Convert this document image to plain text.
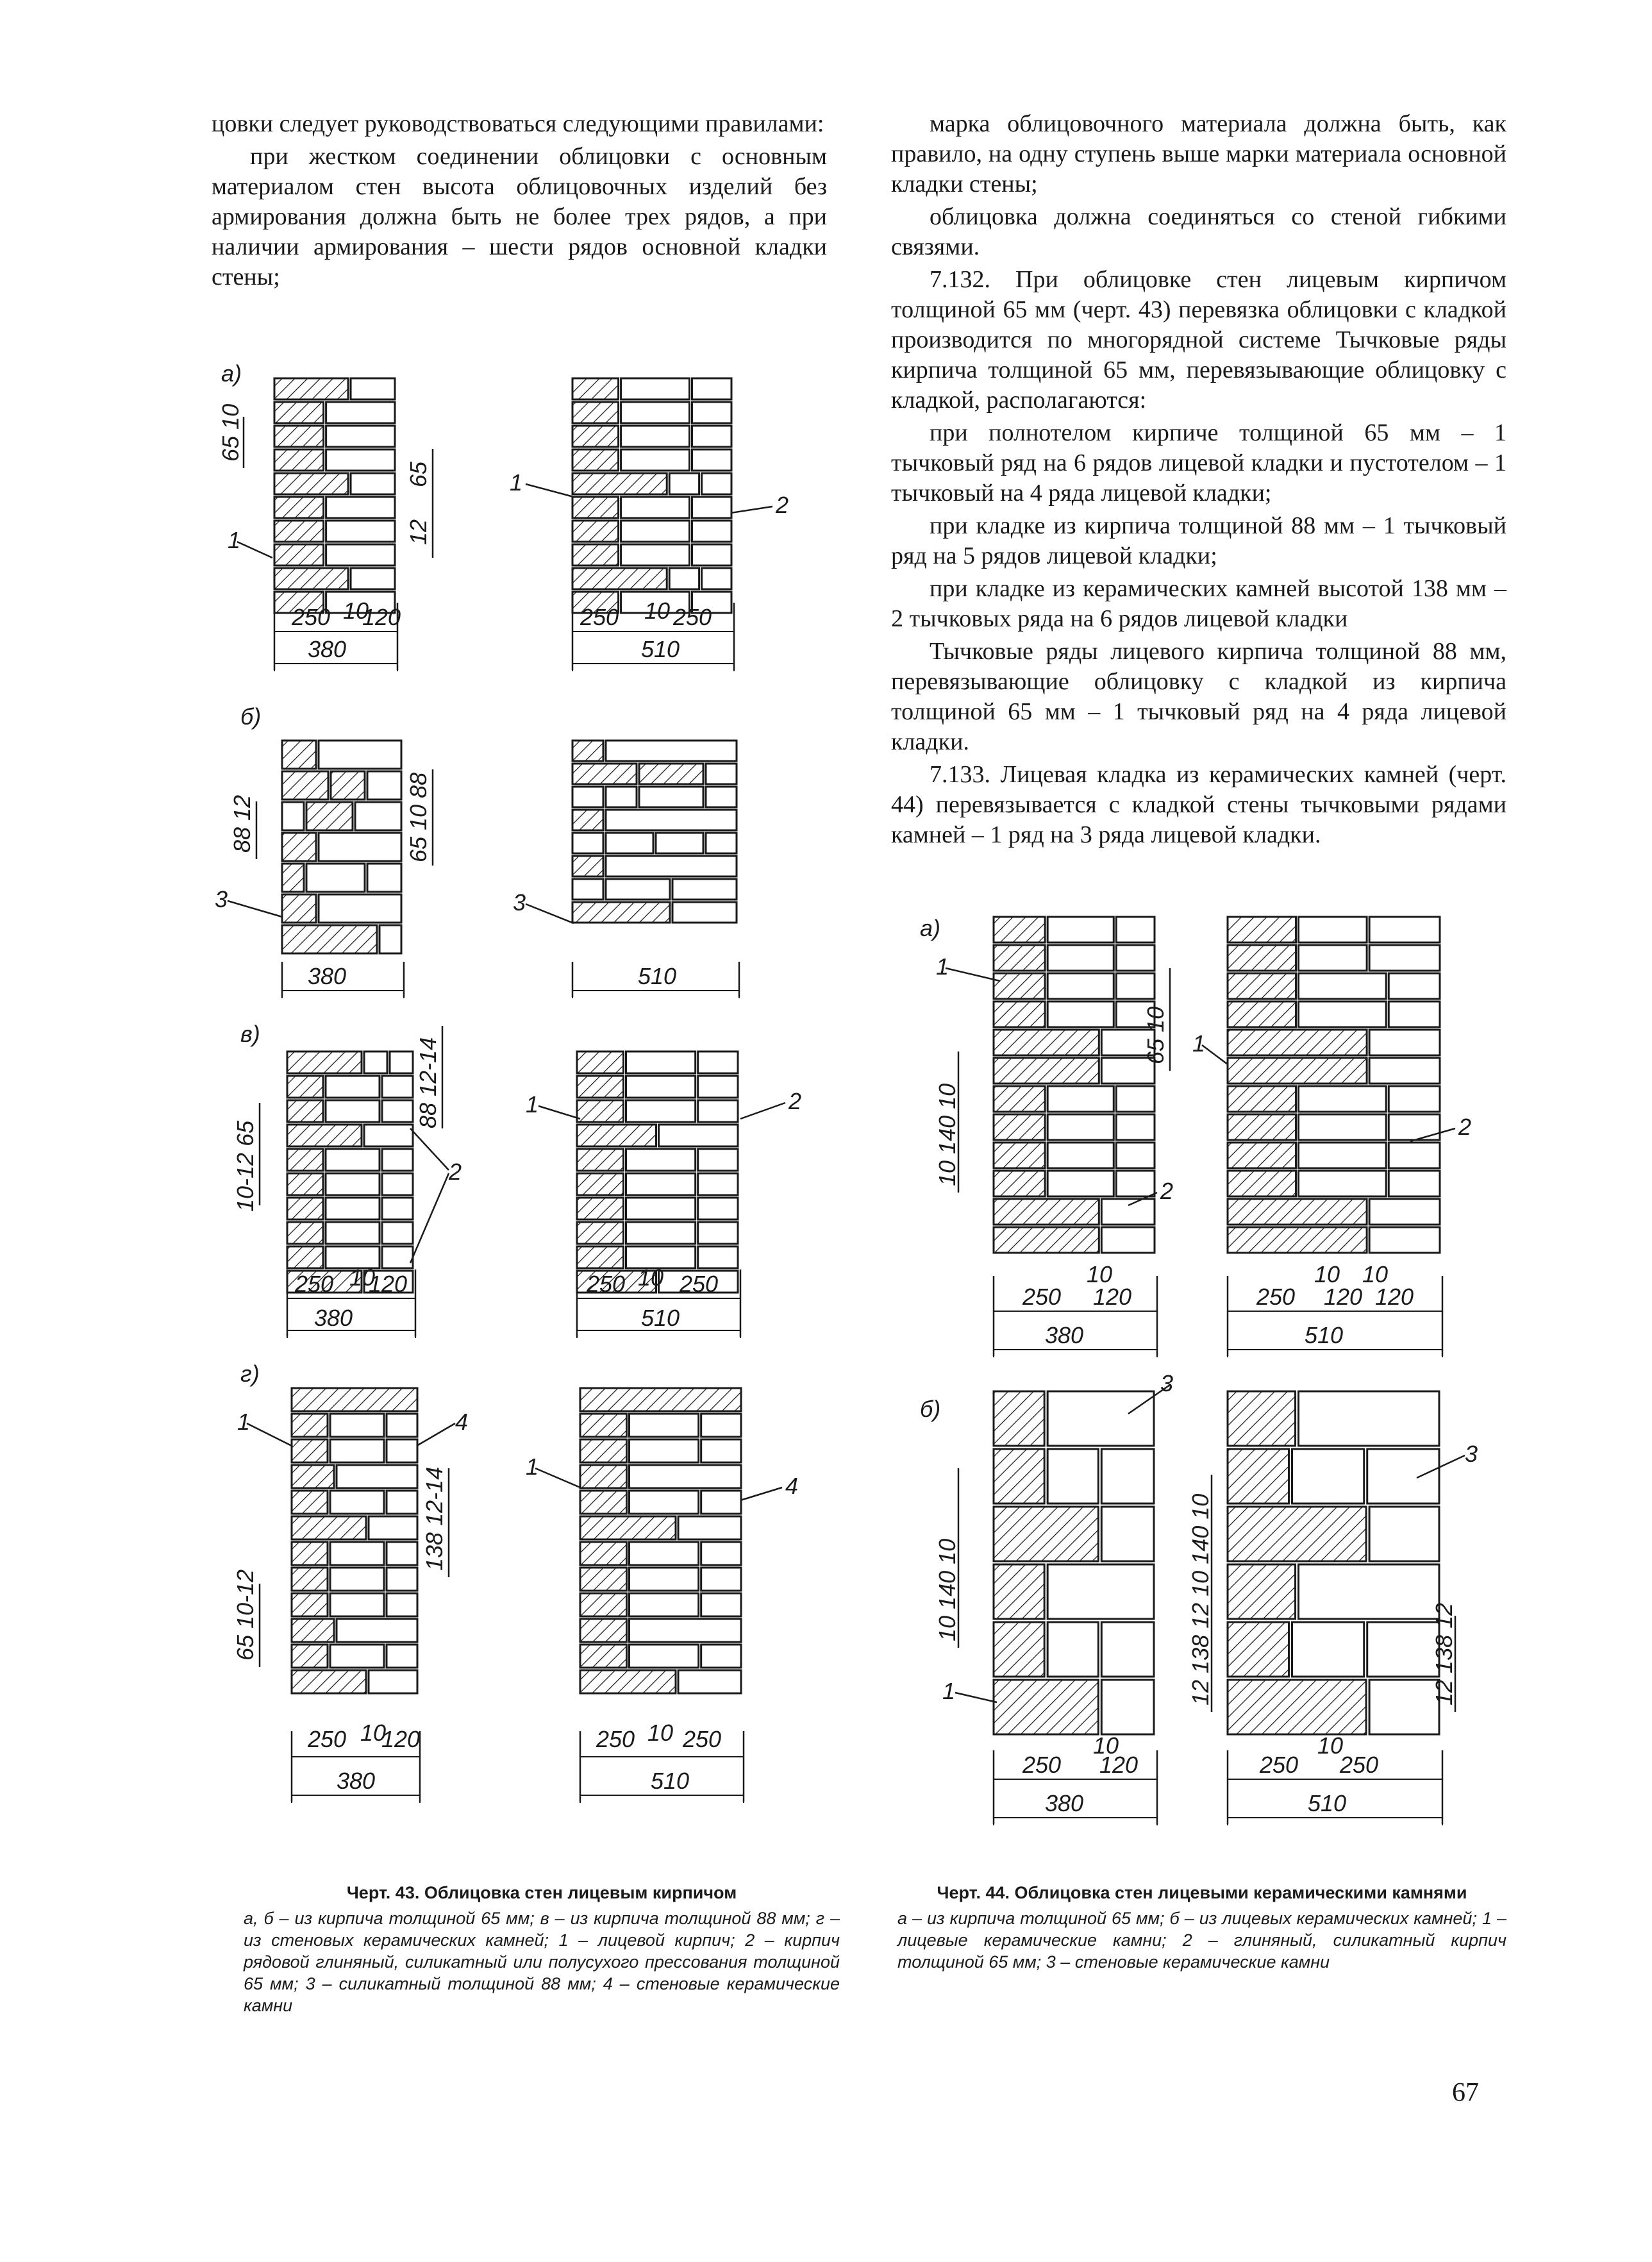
цовки следует руководствоваться следующими правилами:

при жестком соединении облицовки с основным материалом стен высота облицовочных изделий без армирования должна быть не более трех рядов, а при наличии армирования – шести рядов основной кладки стены;

марка облицовочного материала должна быть, как правило, на одну ступень выше марки материала основной кладки стены;

облицовка должна соединяться со стеной гибкими связями.

7.132. При облицовке стен лицевым кирпичом толщиной 65 мм (черт. 43) перевязка облицовки с кладкой производится по многорядной системе Тычковые ряды кирпича толщиной 65 мм, перевязывающие облицовку с кладкой, располагаются:

при полнотелом кирпиче толщиной 65 мм – 1 тычковый ряд на 6 рядов лицевой кладки и пустотелом – 1 тычковый на 4 ряда лицевой кладки;

при кладке из кирпича толщиной 88 мм – 1 тычковый ряд на 5 рядов лицевой кладки;

при кладке из керамических камней высотой 138 мм – 2 тычковых ряда на 6 рядов лицевой кладки

Тычковые ряды лицевого кирпича толщиной 88 мм, перевязывающие облицовку с кладкой из кирпича толщиной 65 мм – 1 тычковый ряд на 4 ряда лицевой кладки.

7.133. Лицевая кладка из керамических камней (черт. 44) перевязывается с кладкой стены тычковыми рядами камней – 1 ряд на 3 ряда лицевой кладки.

а)
б)
в)
г)
250 10
120
380
250 10 250
510
65 10
65
12
380	510
88 12	65 10 88
250 10
120
380
250 10 250
510
10-12 65
88 12-14
250 10
120
380
250 10 250
510
65 10-12
138 12-14
1
1
2
3	3
1	2
2
1	4
1
4
а)
б)
250
10
120
380
250
10
120
10
120
510
10 140 10
65 10
1
1
2
2
250
10
120
380
250
10
250
510
10 140 10	12 138 12 10 140 10	12 138 12
3
3
1
Черт. 43. Облицовка стен лицевым кирпичом
а, б – из кирпича толщиной 65 мм; в – из кирпича толщиной 88 мм; г –из стеновых керамических камней; 1 – лицевой кирпич; 2 – кирпич рядовой глиняный, силикатный или полусухого прессования толщиной 65 мм; 3 – силикатный толщиной 88 мм; 4 – стеновые керамические камни
Черт. 44. Облицовка стен лицевыми керамическими камнями
а – из кирпича толщиной 65 мм; б – из лицевых керамических камней; 1 – лицевые керамические камни; 2 – глиняный, силикатный кирпич толщиной 65 мм; 3 – стеновые керамические камни
67
